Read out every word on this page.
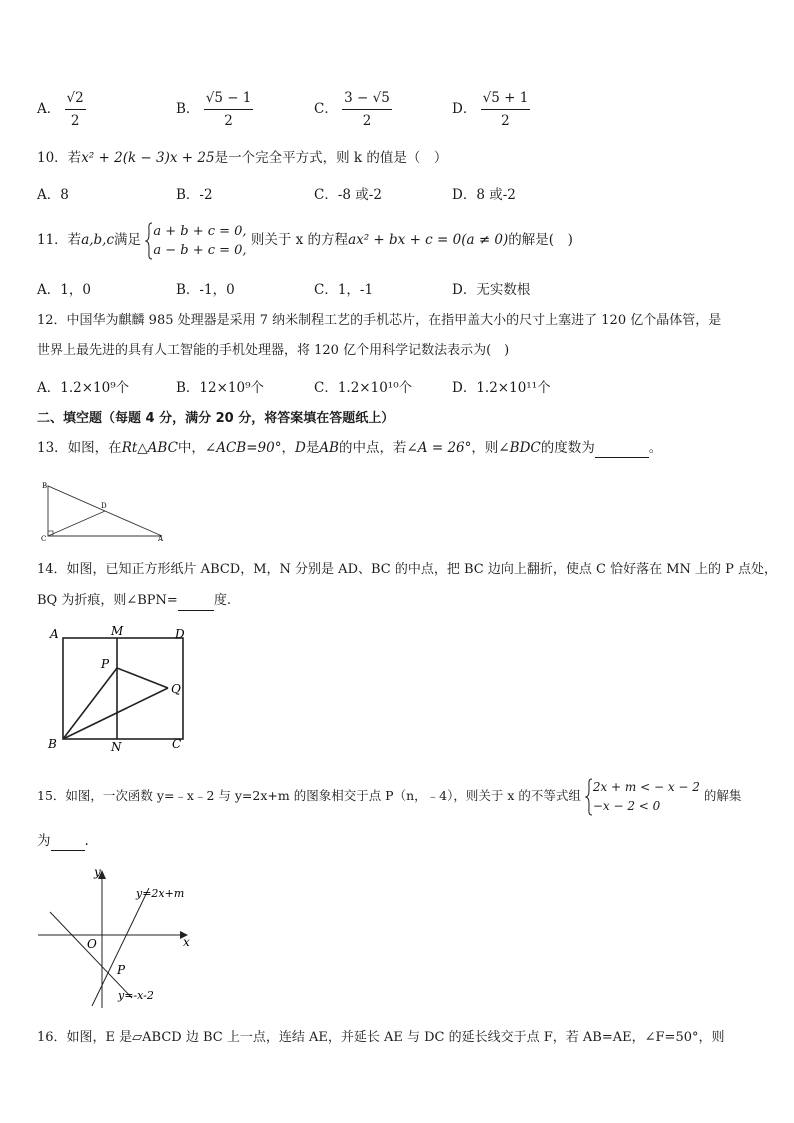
A． $\frac{√2}{2}$	B． $\frac{√5 - 1}{2}$	C． $\frac{3 - √5}{2}$	D． $\frac{√5 + 1}{2}$
10．若x² + 2(k − 3)x + 25是一个完全平方式，则 k 的值是（　）
A．8	B．-2	C．-8 或-2	D．8 或-2
11．若a,b,c满足
a + b + c = 0,
a − b + c = 0,
则关于 x 的方程ax² + bx + c = 0(a ≠ 0)的解是(　)
A．1，0	B．-1，0	C．1，-1	D．无实数根
12．中国华为麒麟 985 处理器是采用 7 纳米制程工艺的手机芯片，在指甲盖大小的尺寸上塞进了 120 亿个晶体管，是
世界上最先进的具有人工智能的手机处理器，将 120 亿个用科学记数法表示为(　)
A．1.2×10⁹个	B．12×10⁹个	C．1.2×10¹⁰个	D．1.2×10¹¹个
二、填空题（每题 4 分，满分 20 分，将答案填在答题纸上）
13．如图，在Rt△ABC中，∠ACB=90°，D是AB的中点，若∠A = 26°，则∠BDC的度数为	。
B
D
C	A
14．如图，已知正方形纸片 ABCD，M，N 分别是 AD、BC 的中点，把 BC 边向上翻折，使点 C 恰好落在 MN 上的 P 点处，
BQ 为折痕，则∠BPN=	度.
A	M	D
P
Q
B	N	C
15．如图，一次函数 y=﹣x﹣2 与 y=2x+m 的图象相交于点 P（n，﹣4），则关于 x 的不等式组
2x + m < − x − 2
−x − 2 < 0
的解集
为	.
y
x
O
P
y=2x+m
y=-x-2
16．如图，E 是▱ABCD 边 BC 上一点，连结 AE，并延长 AE 与 DC 的延长线交于点 F，若 AB=AE，∠F=50°，则
